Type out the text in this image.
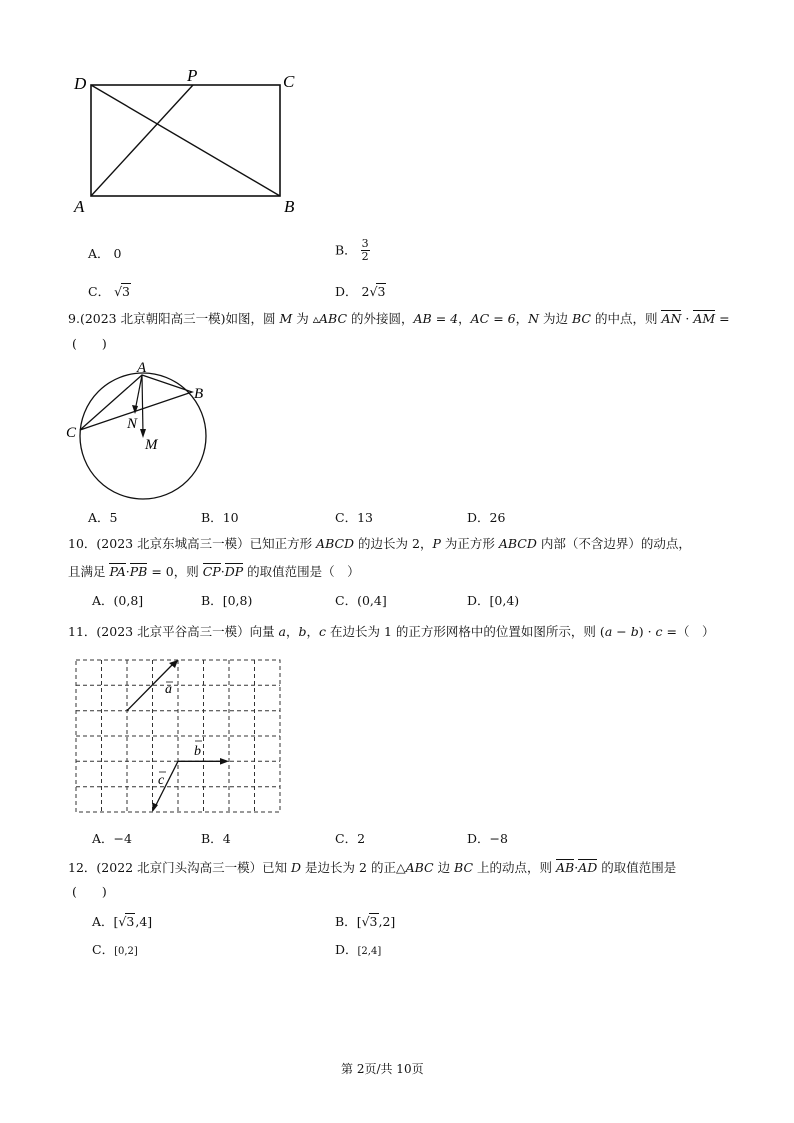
D	P	C
A	B
A． 0	B． $\frac{3}{2}$
C． √3	D． 2√3
9.(2023 北京朝阳高三一模)如图，圆 M 为 ▵ABC 的外接圆，AB = 4，AC = 6，N 为边 BC 的中点，则 AN · AM =
(　　)
A
B
C
N
M
A．5	B．10	C．13	D．26
10．(2023 北京东城高三一模）已知正方形 ABCD 的边长为 2，P 为正方形 ABCD 内部（不含边界）的动点，
且满足 PA·PB = 0，则 CP·DP 的取值范围是（　）
A．(0,8]	B．[0,8)	C．(0,4]	D．[0,4)
11．(2023 北京平谷高三一模）向量 a，b，c 在边长为 1 的正方形网格中的位置如图所示，则 (a − b) · c =（　）
a
b
c
A．−4	B．4	C．2	D．−8
12．(2022 北京门头沟高三一模）已知 D 是边长为 2 的正△ABC 边 BC 上的动点，则 AB·AD 的取值范围是
(　　)
A．[√3,4]	B．[√3,2]
C．[0,2]	D．[2,4]
第 2页/共 10页
